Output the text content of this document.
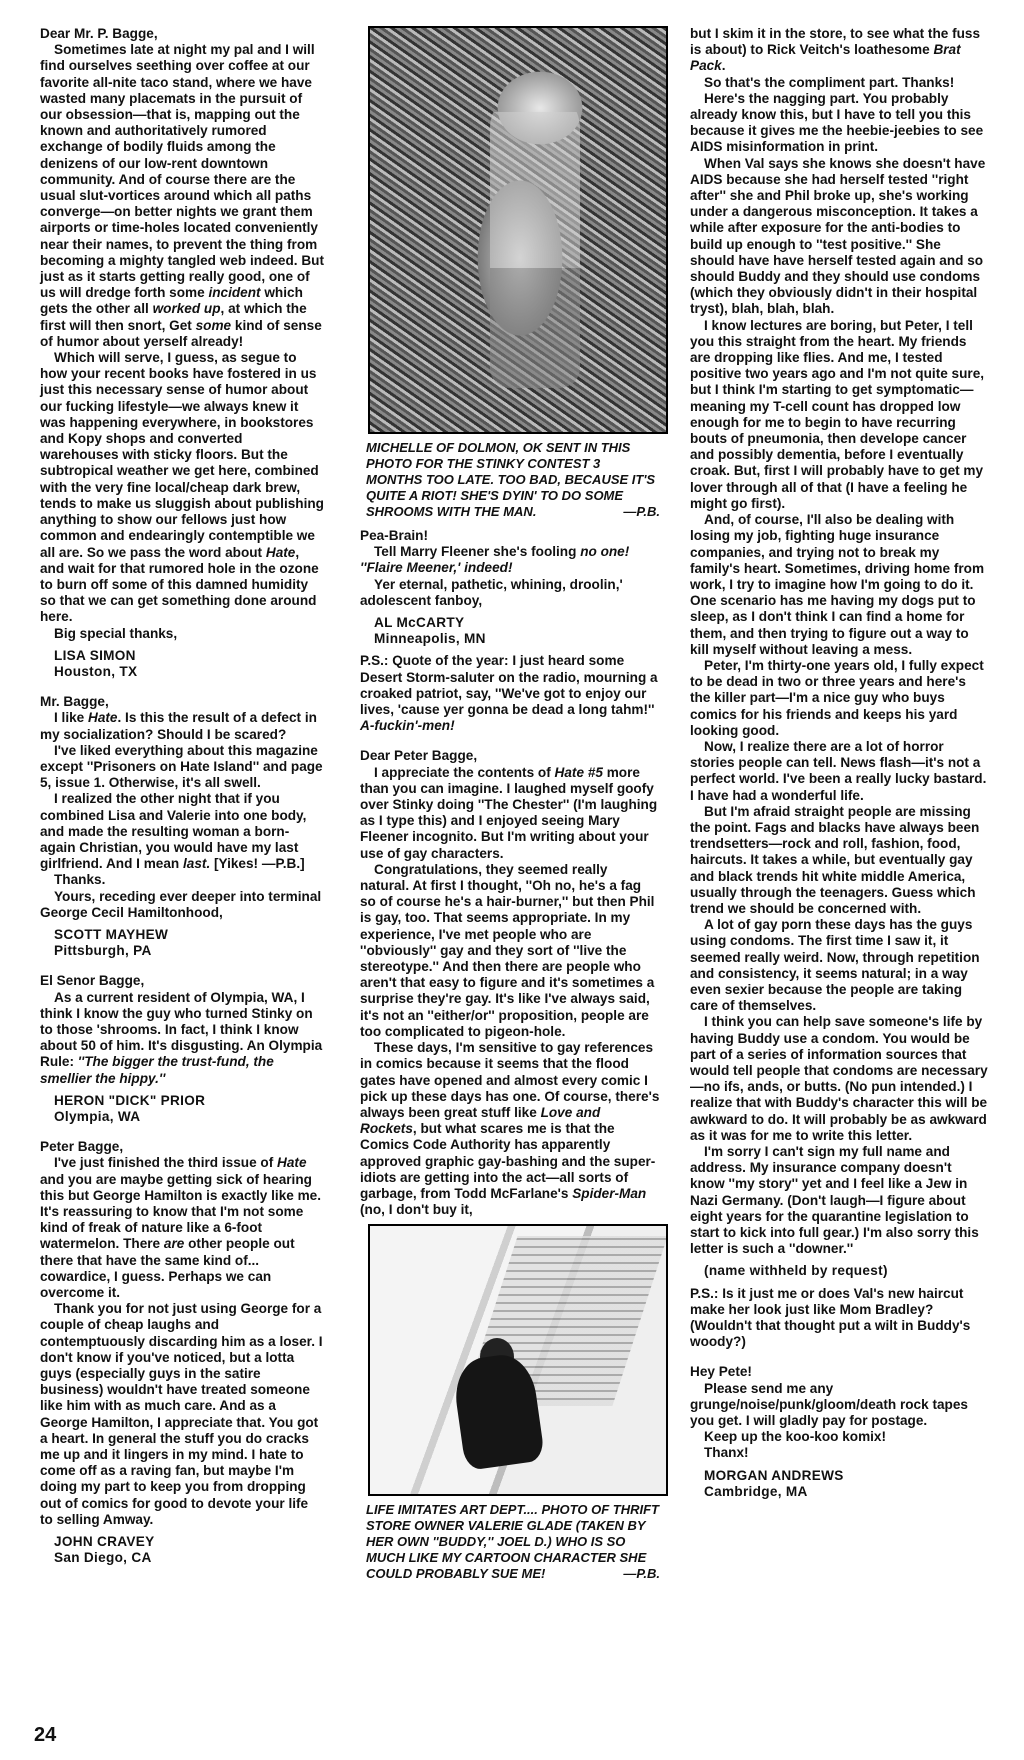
Dear Mr. P. Bagge,

Sometimes late at night my pal and I will find ourselves seething over coffee at our favorite all-nite taco stand, where we have wasted many placemats in the pursuit of our obsession—that is, mapping out the known and authoritatively rumored exchange of bodily fluids among the denizens of our low-rent downtown community. And of course there are the usual slut-vortices around which all paths converge—on better nights we grant them airports or time-holes located conveniently near their names, to prevent the thing from becoming a mighty tangled web indeed. But just as it starts getting really good, one of us will dredge forth some incident which gets the other all worked up, at which the first will then snort, Get some kind of sense of humor about yerself already!

Which will serve, I guess, as segue to how your recent books have fostered in us just this necessary sense of humor about our fucking lifestyle—we always knew it was happening everywhere, in bookstores and Kopy shops and converted warehouses with sticky floors. But the subtropical weather we get here, combined with the very fine local/cheap dark brew, tends to make us sluggish about publishing anything to show our fellows just how common and endearingly contemptible we all are. So we pass the word about Hate, and wait for that rumored hole in the ozone to burn off some of this damned humidity so that we can get something done around here.

Big special thanks,

LISA SIMON
Houston, TX

Mr. Bagge,

I like Hate. Is this the result of a defect in my socialization? Should I be scared?

I've liked everything about this magazine except ''Prisoners on Hate Island'' and page 5, issue 1. Otherwise, it's all swell.

I realized the other night that if you combined Lisa and Valerie into one body, and made the resulting woman a born-again Christian, you would have my last girlfriend. And I mean last. [Yikes! —P.B.]

Thanks.

Yours, receding ever deeper into terminal George Cecil Hamiltonhood,

SCOTT MAYHEW
Pittsburgh, PA

El Senor Bagge,

As a current resident of Olympia, WA, I think I know the guy who turned Stinky on to those 'shrooms. In fact, I think I know about 50 of him. It's disgusting. An Olympia Rule: ''The bigger the trust-fund, the smellier the hippy.''

HERON "DICK" PRIOR
Olympia, WA

Peter Bagge,

I've just finished the third issue of Hate and you are maybe getting sick of hearing this but George Hamilton is exactly like me. It's reassuring to know that I'm not some kind of freak of nature like a 6-foot watermelon. There are other people out there that have the same kind of... cowardice, I guess. Perhaps we can overcome it.

Thank you for not just using George for a couple of cheap laughs and contemptuously discarding him as a loser. I don't know if you've noticed, but a lotta guys (especially guys in the satire business) wouldn't have treated someone like him with as much care. And as a George Hamilton, I appreciate that. You got a heart. In general the stuff you do cracks me up and it lingers in my mind. I hate to come off as a raving fan, but maybe I'm doing my part to keep you from dropping out of comics for good to devote your life to selling Amway.

JOHN CRAVEY
San Diego, CA

MICHELLE OF DOLMON, OK SENT IN THIS PHOTO FOR THE STINKY CONTEST 3 MONTHS TOO LATE. TOO BAD, BECAUSE IT'S QUITE A RIOT! SHE'S DYIN' TO DO SOME SHROOMS WITH THE MAN.	—P.B.

Pea-Brain!

Tell Marry Fleener she's fooling no one! ''Flaire Meener,' indeed!

Yer eternal, pathetic, whining, droolin,' adolescent fanboy,

AL McCARTY
Minneapolis, MN

P.S.: Quote of the year: I just heard some Desert Storm-saluter on the radio, mourning a croaked patriot, say, ''We've got to enjoy our lives, 'cause yer gonna be dead a long tahm!'' A-fuckin'-men!

Dear Peter Bagge,

I appreciate the contents of Hate #5 more than you can imagine. I laughed myself goofy over Stinky doing ''The Chester'' (I'm laughing as I type this) and I enjoyed seeing Mary Fleener incognito. But I'm writing about your use of gay characters.

Congratulations, they seemed really natural. At first I thought, ''Oh no, he's a fag so of course he's a hair-burner,'' but then Phil is gay, too. That seems appropriate. In my experience, I've met people who are ''obviously'' gay and they sort of ''live the stereotype.'' And then there are people who aren't that easy to figure and it's sometimes a surprise they're gay. It's like I've always said, it's not an ''either/or'' proposition, people are too complicated to pigeon-hole.

These days, I'm sensitive to gay references in comics because it seems that the flood gates have opened and almost every comic I pick up these days has one. Of course, there's always been great stuff like Love and Rockets, but what scares me is that the Comics Code Authority has apparently approved graphic gay-bashing and the super-idiots are getting into the act—all sorts of garbage, from Todd McFarlane's Spider-Man (no, I don't buy it,

LIFE IMITATES ART DEPT.... PHOTO OF THRIFT STORE OWNER VALERIE GLADE (TAKEN BY HER OWN ''BUDDY,'' JOEL D.) WHO IS SO MUCH LIKE MY CARTOON CHARACTER SHE COULD PROBABLY SUE ME!	—P.B.

but I skim it in the store, to see what the fuss is about) to Rick Veitch's loathesome Brat Pack.

So that's the compliment part. Thanks!

Here's the nagging part. You probably already know this, but I have to tell you this because it gives me the heebie-jeebies to see AIDS misinformation in print.

When Val says she knows she doesn't have AIDS because she had herself tested ''right after'' she and Phil broke up, she's working under a dangerous misconception. It takes a while after exposure for the anti-bodies to build up enough to ''test positive.'' She should have have herself tested again and so should Buddy and they should use condoms (which they obviously didn't in their hospital tryst), blah, blah, blah.

I know lectures are boring, but Peter, I tell you this straight from the heart. My friends are dropping like flies. And me, I tested positive two years ago and I'm not quite sure, but I think I'm starting to get symptomatic—meaning my T-cell count has dropped low enough for me to begin to have recurring bouts of pneumonia, then develope cancer and possibly dementia, before I eventually croak. But, first I will probably have to get my lover through all of that (I have a feeling he might go first).

And, of course, I'll also be dealing with losing my job, fighting huge insurance companies, and trying not to break my family's heart. Sometimes, driving home from work, I try to imagine how I'm going to do it. One scenario has me having my dogs put to sleep, as I don't think I can find a home for them, and then trying to figure out a way to kill myself without leaving a mess.

Peter, I'm thirty-one years old, I fully expect to be dead in two or three years and here's the killer part—I'm a nice guy who buys comics for his friends and keeps his yard looking good.

Now, I realize there are a lot of horror stories people can tell. News flash—it's not a perfect world. I've been a really lucky bastard. I have had a wonderful life.

But I'm afraid straight people are missing the point. Fags and blacks have always been trendsetters—rock and roll, fashion, food, haircuts. It takes a while, but eventually gay and black trends hit white middle America, usually through the teenagers. Guess which trend we should be concerned with.

A lot of gay porn these days has the guys using condoms. The first time I saw it, it seemed really weird. Now, through repetition and consistency, it seems natural; in a way even sexier because the people are taking care of themselves.

I think you can help save someone's life by having Buddy use a condom. You would be part of a series of information sources that would tell people that condoms are necessary—no ifs, ands, or butts. (No pun intended.) I realize that with Buddy's character this will be awkward to do. It will probably be as awkward as it was for me to write this letter.

I'm sorry I can't sign my full name and address. My insurance company doesn't know ''my story'' yet and I feel like a Jew in Nazi Germany. (Don't laugh—I figure about eight years for the quarantine legislation to start to kick into full gear.) I'm also sorry this letter is such a ''downer.''

(name withheld by request)

P.S.: Is it just me or does Val's new haircut make her look just like Mom Bradley? (Wouldn't that thought put a wilt in Buddy's woody?)

Hey Pete!

Please send me any grunge/noise/punk/gloom/death rock tapes you get. I will gladly pay for postage.

Keep up the koo-koo komix!

Thanx!

MORGAN ANDREWS
Cambridge, MA
24
